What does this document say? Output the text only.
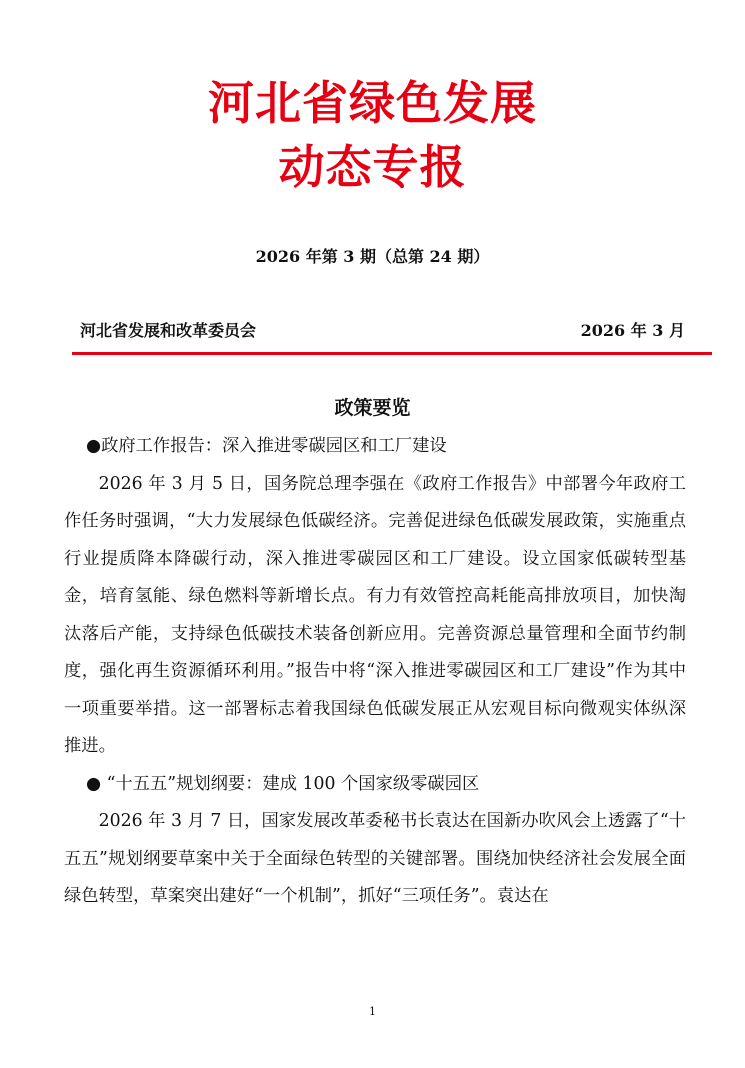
河北省绿色发展
动态专报
2026 年第 3 期（总第 24 期）
河北省发展和改革委员会	2026 年 3 月
政策要览

●政府工作报告：深入推进零碳园区和工厂建设

2026 年 3 月 5 日，国务院总理李强在《政府工作报告》中部署今年政府工作任务时强调，“大力发展绿色低碳经济。完善促进绿色低碳发展政策，实施重点行业提质降本降碳行动，深入推进零碳园区和工厂建设。设立国家低碳转型基金，培育氢能、绿色燃料等新增长点。有力有效管控高耗能高排放项目，加快淘汰落后产能，支持绿色低碳技术装备创新应用。完善资源总量管理和全面节约制度，强化再生资源循环利用。”报告中将“深入推进零碳园区和工厂建设”作为其中一项重要举措。这一部署标志着我国绿色低碳发展正从宏观目标向微观实体纵深推进。

● “十五五”规划纲要：建成 100 个国家级零碳园区

2026 年 3 月 7 日，国家发展改革委秘书长袁达在国新办吹风会上透露了“十五五”规划纲要草案中关于全面绿色转型的关键部署。围绕加快经济社会发展全面绿色转型，草案突出建好“一个机制”，抓好“三项任务”。袁达在

1
